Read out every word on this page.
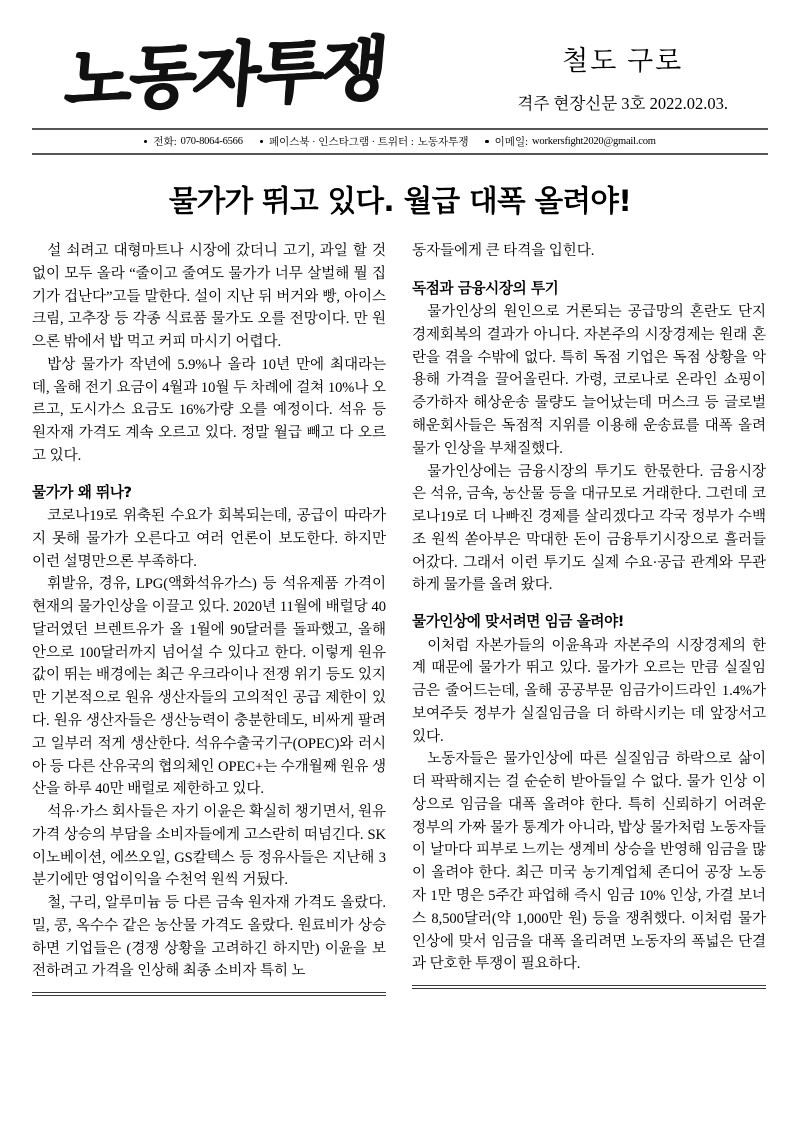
노동자투쟁	철도 구로
격주 현장신문 3호 2022.02.03.
전화: 070-8064-6566 페이스북 · 인스타그램 · 트위터 : 노동자투쟁 이메일: workersfight2020@gmail.com
물가가 뛰고 있다. 월급 대폭 올려야!

설 쇠려고 대형마트나 시장에 갔더니 고기, 과일 할 것 없이 모두 올라 “줄이고 줄여도 물가가 너무 살벌해 뭘 집기가 겁난다”고들 말한다. 설이 지난 뒤 버거와 빵, 아이스크림, 고추장 등 각종 식료품 물가도 오를 전망이다. 만 원으론 밖에서 밥 먹고 커피 마시기 어렵다.

밥상 물가가 작년에 5.9%나 올라 10년 만에 최대라는데, 올해 전기 요금이 4월과 10월 두 차례에 걸쳐 10%나 오르고, 도시가스 요금도 16%가량 오를 예정이다. 석유 등 원자재 가격도 계속 오르고 있다. 정말 월급 빼고 다 오르고 있다.

물가가 왜 뛰나?

코로나19로 위축된 수요가 회복되는데, 공급이 따라가지 못해 물가가 오른다고 여러 언론이 보도한다. 하지만 이런 설명만으론 부족하다.

휘발유, 경유, LPG(액화석유가스) 등 석유제품 가격이 현재의 물가인상을 이끌고 있다. 2020년 11월에 배럴당 40달러였던 브렌트유가 올 1월에 90달러를 돌파했고, 올해 안으로 100달러까지 넘어설 수 있다고 한다. 이렇게 원유 값이 뛰는 배경에는 최근 우크라이나 전쟁 위기 등도 있지만 기본적으로 원유 생산자들의 고의적인 공급 제한이 있다. 원유 생산자들은 생산능력이 충분한데도, 비싸게 팔려고 일부러 적게 생산한다. 석유수출국기구(OPEC)와 러시아 등 다른 산유국의 협의체인 OPEC+는 수개월째 원유 생산을 하루 40만 배럴로 제한하고 있다.

석유·가스 회사들은 자기 이윤은 확실히 챙기면서, 원유가격 상승의 부담을 소비자들에게 고스란히 떠넘긴다. SK이노베이션, 에쓰오일, GS칼텍스 등 정유사들은 지난해 3분기에만 영업이익을 수천억 원씩 거뒀다.

철, 구리, 알루미늄 등 다른 금속 원자재 가격도 올랐다. 밀, 콩, 옥수수 같은 농산물 가격도 올랐다. 원료비가 상승하면 기업들은 (경쟁 상황을 고려하긴 하지만) 이윤을 보전하려고 가격을 인상해 최종 소비자 특히 노

동자들에게 큰 타격을 입힌다.

독점과 금융시장의 투기

물가인상의 원인으로 거론되는 공급망의 혼란도 단지 경제회복의 결과가 아니다. 자본주의 시장경제는 원래 혼란을 겪을 수밖에 없다. 특히 독점 기업은 독점 상황을 악용해 가격을 끌어올린다. 가령, 코로나로 온라인 쇼핑이 증가하자 해상운송 물량도 늘어났는데 머스크 등 글로벌 해운회사들은 독점적 지위를 이용해 운송료를 대폭 올려 물가 인상을 부채질했다.

물가인상에는 금융시장의 투기도 한몫한다. 금융시장은 석유, 금속, 농산물 등을 대규모로 거래한다. 그런데 코로나19로 더 나빠진 경제를 살리겠다고 각국 정부가 수백조 원씩 쏟아부은 막대한 돈이 금융투기시장으로 흘러들어갔다. 그래서 이런 투기도 실제 수요·공급 관계와 무관하게 물가를 올려 왔다.

물가인상에 맞서려면 임금 올려야!

이처럼 자본가들의 이윤욕과 자본주의 시장경제의 한계 때문에 물가가 뛰고 있다. 물가가 오르는 만큼 실질임금은 줄어드는데, 올해 공공부문 임금가이드라인 1.4%가 보여주듯 정부가 실질임금을 더 하락시키는 데 앞장서고 있다.

노동자들은 물가인상에 따른 실질임금 하락으로 삶이 더 팍팍해지는 걸 순순히 받아들일 수 없다. 물가 인상 이상으로 임금을 대폭 올려야 한다. 특히 신뢰하기 어려운 정부의 가짜 물가 통계가 아니라, 밥상 물가처럼 노동자들이 날마다 피부로 느끼는 생계비 상승을 반영해 임금을 많이 올려야 한다. 최근 미국 농기계업체 존디어 공장 노동자 1만 명은 5주간 파업해 즉시 임금 10% 인상, 가결 보너스 8,500달러(약 1,000만 원) 등을 쟁취했다. 이처럼 물가인상에 맞서 임금을 대폭 올리려면 노동자의 폭넓은 단결과 단호한 투쟁이 필요하다.
